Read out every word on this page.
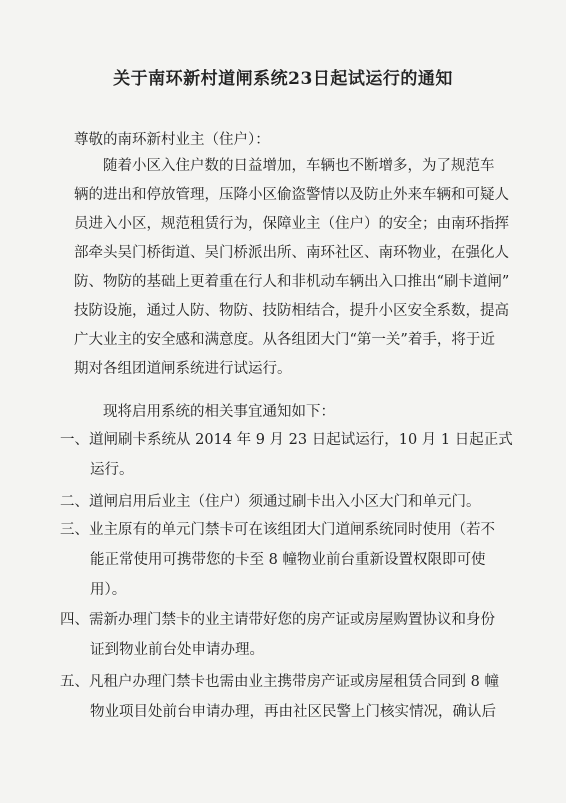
关于南环新村道闸系统23日起试运行的通知
尊敬的南环新村业主（住户）：
随着小区入住户数的日益增加，车辆也不断增多，为了规范车
辆的进出和停放管理，压降小区偷盗警情以及防止外来车辆和可疑人
员进入小区，规范租赁行为，保障业主（住户）的安全；由南环指挥
部牵头吴门桥街道、吴门桥派出所、南环社区、南环物业，在强化人
防、物防的基础上更着重在行人和非机动车辆出入口推出“刷卡道闸”
技防设施，通过人防、物防、技防相结合，提升小区安全系数，提高
广大业主的安全感和满意度。从各组团大门“第一关”着手，将于近
期对各组团道闸系统进行试运行。
现将启用系统的相关事宜通知如下：
一、道闸刷卡系统从 2014 年 9 月 23 日起试运行，10 月 1 日起正式
运行。
二、道闸启用后业主（住户）须通过刷卡出入小区大门和单元门。
三、业主原有的单元门禁卡可在该组团大门道闸系统同时使用（若不
能正常使用可携带您的卡至 8 幢物业前台重新设置权限即可使
用）。
四、需新办理门禁卡的业主请带好您的房产证或房屋购置协议和身份
证到物业前台处申请办理。
五、凡租户办理门禁卡也需由业主携带房产证或房屋租赁合同到 8 幢
物业项目处前台申请办理，再由社区民警上门核实情况，确认后
